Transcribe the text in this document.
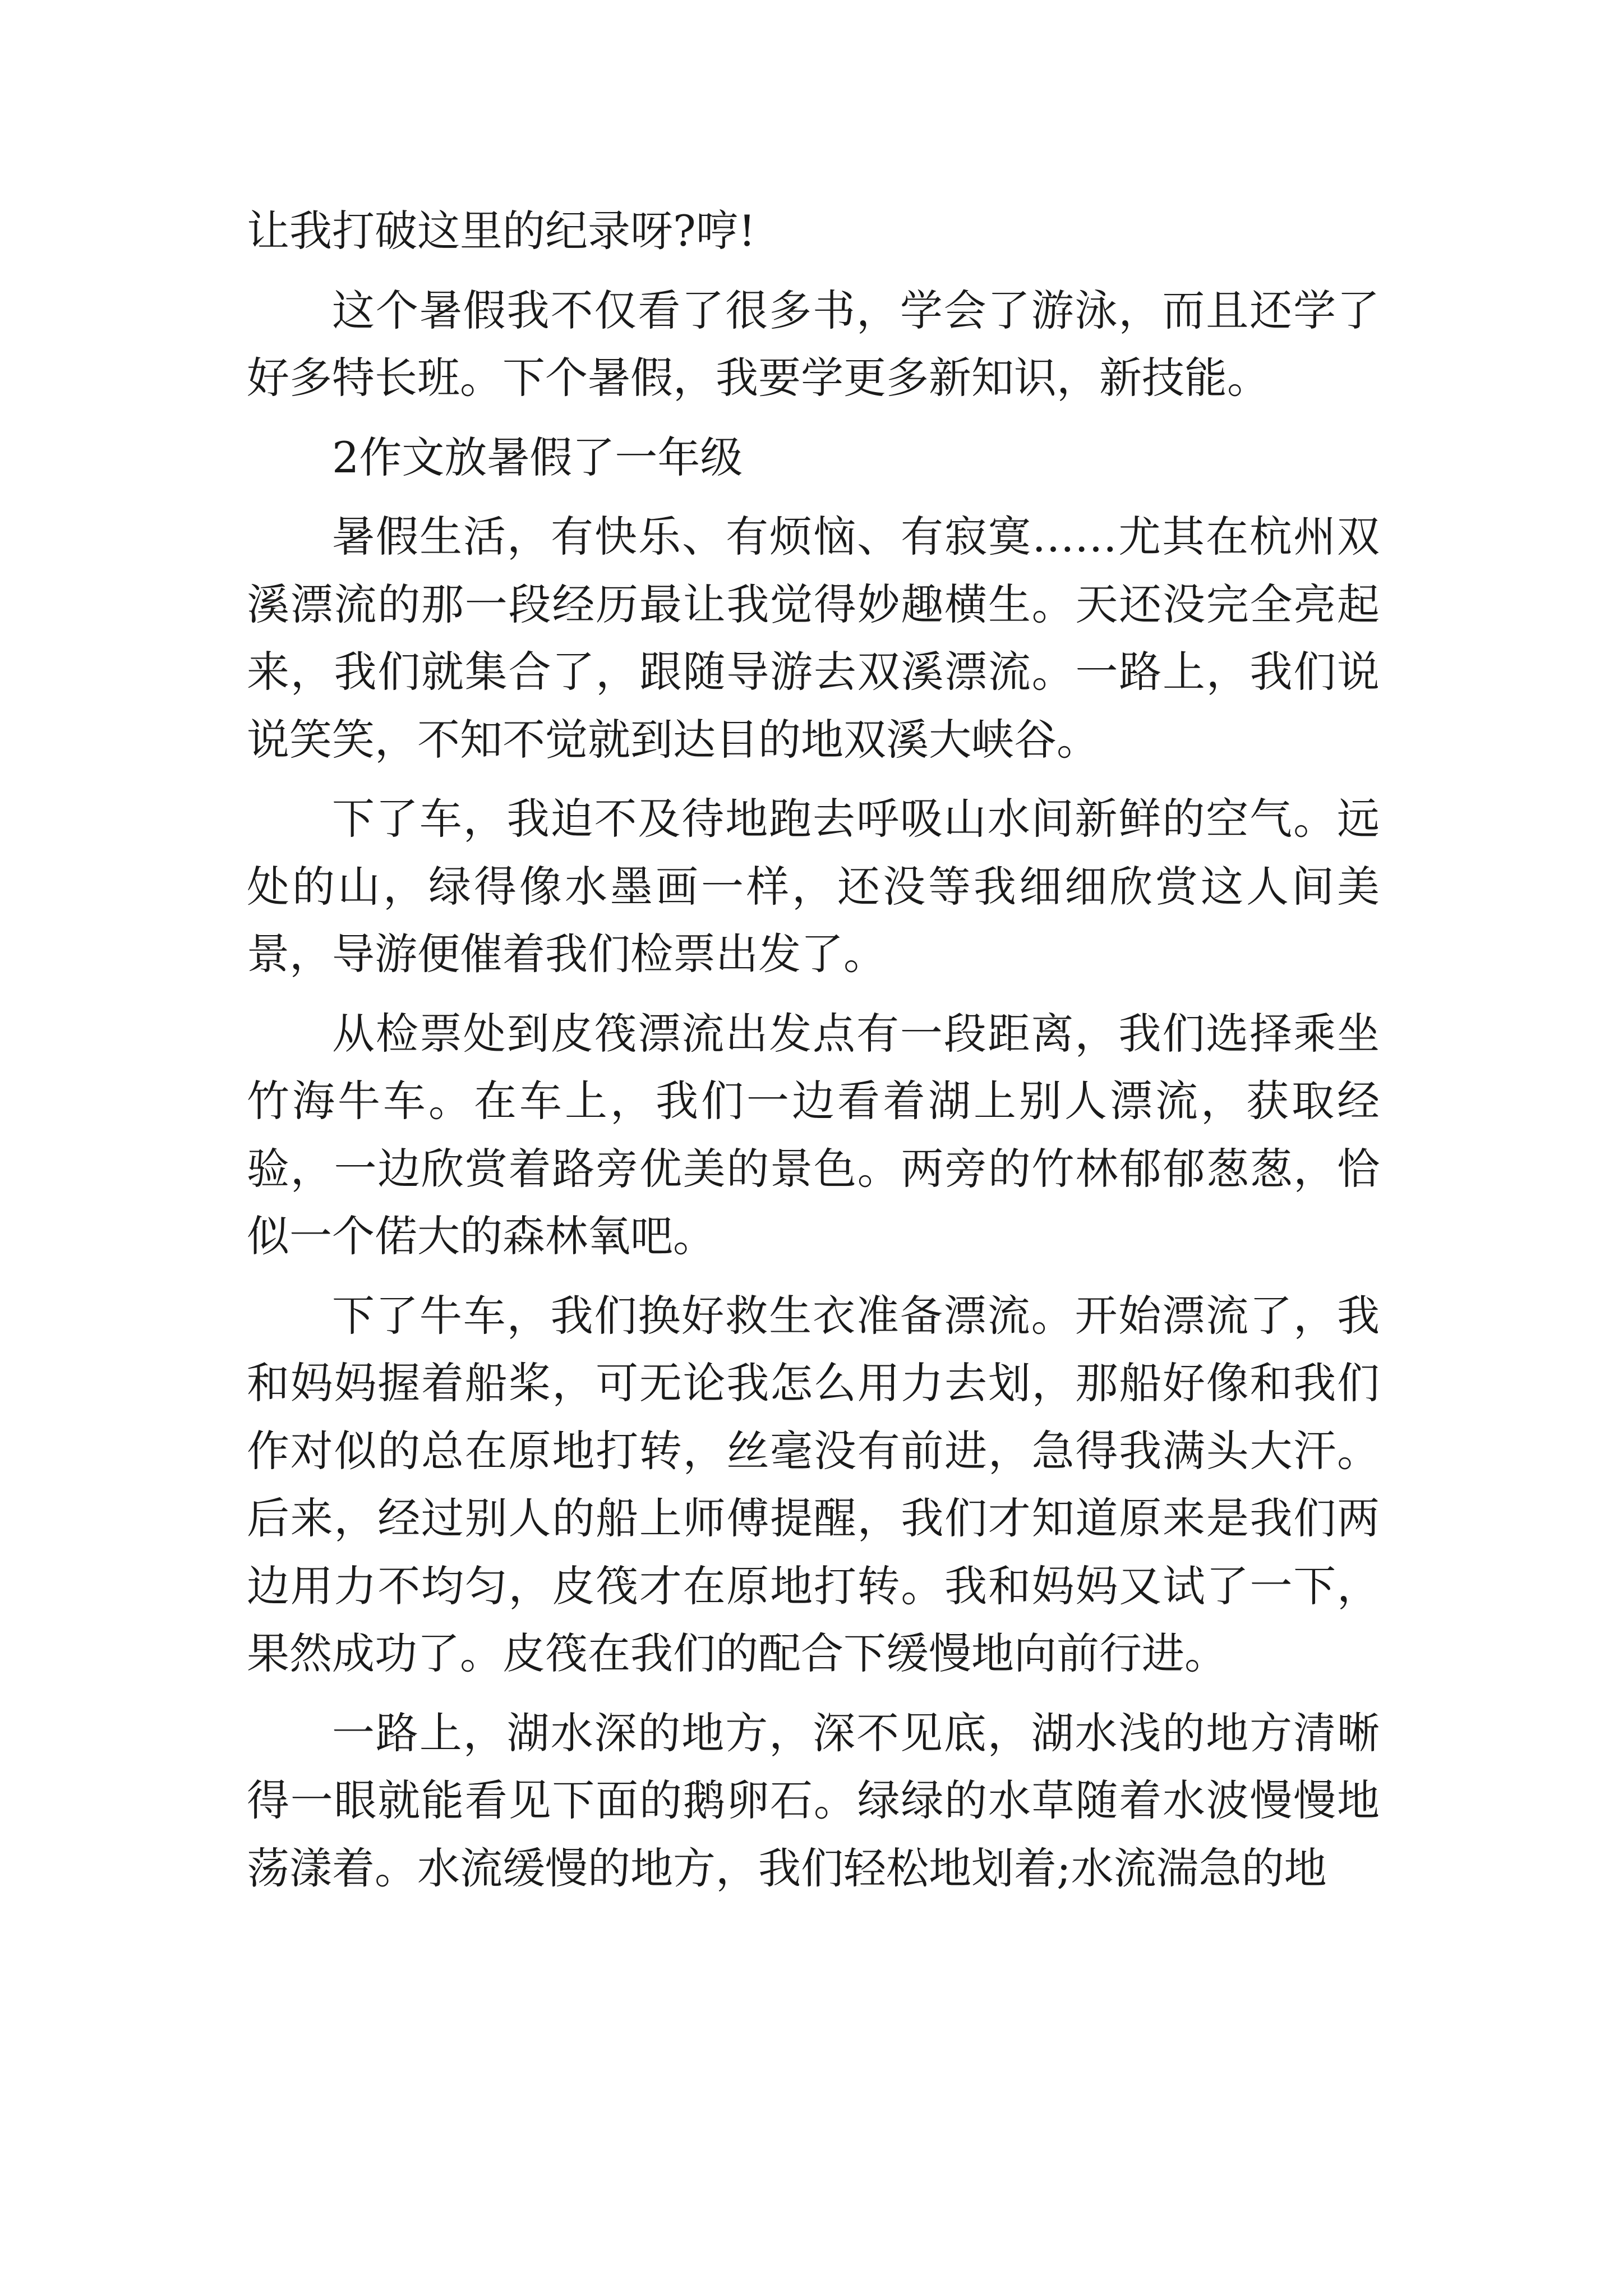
让我打破这里的纪录呀?哼!

这个暑假我不仅看了很多书，学会了游泳，而且还学了好多特长班。下个暑假，我要学更多新知识，新技能。

2作文放暑假了一年级

暑假生活，有快乐、有烦恼、有寂寞……尤其在杭州双溪漂流的那一段经历最让我觉得妙趣横生。天还没完全亮起来，我们就集合了，跟随导游去双溪漂流。一路上，我们说说笑笑，不知不觉就到达目的地双溪大峡谷。

下了车，我迫不及待地跑去呼吸山水间新鲜的空气。远处的山，绿得像水墨画一样，还没等我细细欣赏这人间美景，导游便催着我们检票出发了。

从检票处到皮筏漂流出发点有一段距离，我们选择乘坐竹海牛车。在车上，我们一边看着湖上别人漂流，获取经验，一边欣赏着路旁优美的景色。两旁的竹林郁郁葱葱，恰似一个偌大的森林氧吧。

下了牛车，我们换好救生衣准备漂流。开始漂流了，我和妈妈握着船桨，可无论我怎么用力去划，那船好像和我们作对似的总在原地打转，丝毫没有前进，急得我满头大汗。后来，经过别人的船上师傅提醒，我们才知道原来是我们两边用力不均匀，皮筏才在原地打转。我和妈妈又试了一下，果然成功了。皮筏在我们的配合下缓慢地向前行进。

一路上，湖水深的地方，深不见底，湖水浅的地方清晰得一眼就能看见下面的鹅卵石。绿绿的水草随着水波慢慢地荡漾着。水流缓慢的地方，我们轻松地划着;水流湍急的地
